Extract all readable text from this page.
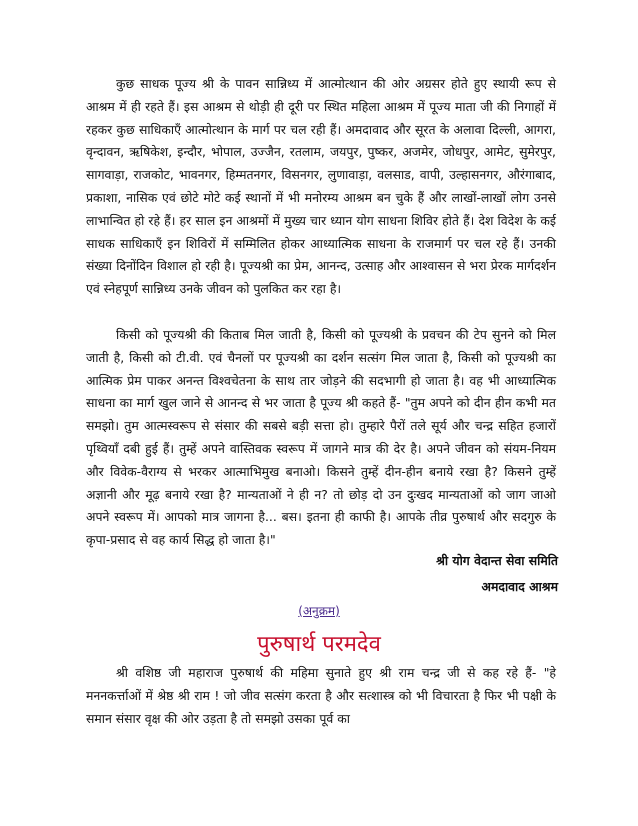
कुछ साधक पूज्य श्री के पावन सान्निध्य में आत्मोत्थान की ओर अग्रसर होते हुए स्थायी रूप से आश्रम में ही रहते हैं। इस आश्रम से थोड़ी ही दूरी पर स्थित महिला आश्रम में पूज्य माता जी की निगाहों में रहकर कुछ साधिकाएँ आत्मोत्थान के मार्ग पर चल रही हैं। अमदावाद और सूरत के अलावा दिल्ली, आगरा, वृन्दावन, ऋषिकेश, इन्दौर, भोपाल, उज्जैन, रतलाम, जयपुर, पुष्कर, अजमेर, जोधपुर, आमेट, सुमेरपुर, सागवाड़ा, राजकोट, भावनगर, हिम्मतनगर, विसनगर, लुणावाड़ा, वलसाड, वापी, उल्हासनगर, औरंगाबाद, प्रकाशा, नासिक एवं छोटे मोटे कई स्थानों में भी मनोरम्य आश्रम बन चुके हैं और लाखों-लाखों लोग उनसे लाभान्वित हो रहे हैं। हर साल इन आश्रमों में मुख्य चार ध्यान योग साधना शिविर होते हैं। देश विदेश के कई साधक साधिकाएँ इन शिविरों में सम्मिलित होकर आध्यात्मिक साधना के राजमार्ग पर चल रहे हैं। उनकी संख्या दिनोंदिन विशाल हो रही है। पूज्यश्री का प्रेम, आनन्द, उत्साह और आश्वासन से भरा प्रेरक मार्गदर्शन एवं स्नेहपूर्ण सान्निध्य उनके जीवन को पुलकित कर रहा है।

किसी को पूज्यश्री की किताब मिल जाती है, किसी को पूज्यश्री के प्रवचन की टेप सुनने को मिल जाती है, किसी को टी.वी. एवं चैनलों पर पूज्यश्री का दर्शन सत्संग मिल जाता है, किसी को पूज्यश्री का आत्मिक प्रेम पाकर अनन्त विश्वचेतना के साथ तार जोड़ने की सदभागी हो जाता है। वह भी आध्यात्मिक साधना का मार्ग खुल जाने से आनन्द से भर जाता है पूज्य श्री कहते हैं- "तुम अपने को दीन हीन कभी मत समझो। तुम आत्मस्वरूप से संसार की सबसे बड़ी सत्ता हो। तुम्हारे पैरों तले सूर्य और चन्द्र सहित हजारों पृथ्वियाँ दबी हुई हैं। तुम्हें अपने वास्तिवक स्वरूप में जागने मात्र की देर है। अपने जीवन को संयम-नियम और विवेक-वैराग्य से भरकर आत्माभिमुख बनाओ। किसने तुम्हें दीन-हीन बनाये रखा है? किसने तुम्हें अज्ञानी और मूढ़ बनाये रखा है? मान्यताओं ने ही न? तो छोड़ दो उन दुःखद मान्यताओं को जाग जाओ अपने स्वरूप में। आपको मात्र जागना है... बस। इतना ही काफी है। आपके तीव्र पुरुषार्थ और सदगुरु के कृपा-प्रसाद से वह कार्य सिद्ध हो जाता है।"

श्री योग वेदान्त सेवा समिति

अमदावाद आश्रम

(अनुक्रम)
पुरुषार्थ परमदेव

श्री वशिष्ठ जी महाराज पुरुषार्थ की महिमा सुनाते हुए श्री राम चन्द्र जी से कह रहे हैं- "हे मननकर्त्ताओं में श्रेष्ठ श्री राम ! जो जीव सत्संग करता है और सत्शास्त्र को भी विचारता है फिर भी पक्षी के समान संसार वृक्ष की ओर उड़ता है तो समझो उसका पूर्व का
